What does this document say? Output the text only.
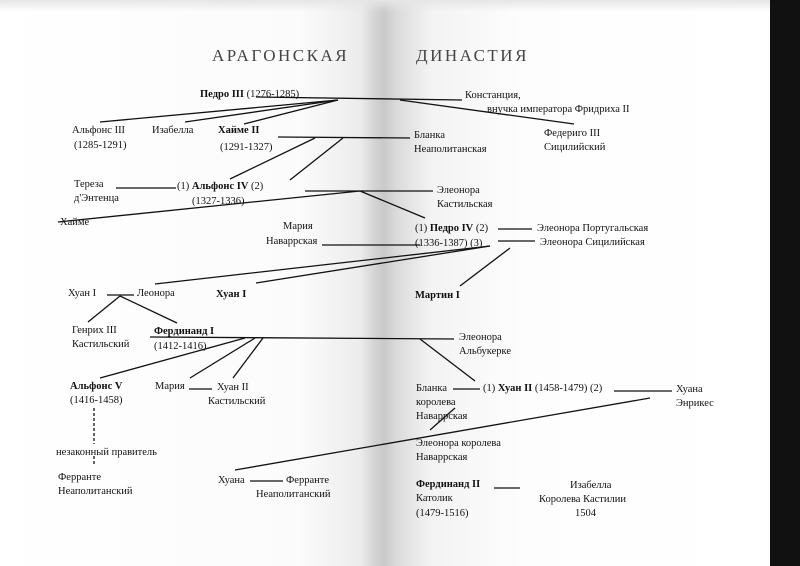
АРАГОНСКАЯ	ДИНАСТИЯ
Педро III (1276-1285)	Констанция,
внучка императора Фридриха II
Альфонс III
(1285-1291)
Изабелла Хайме II
(1291-1327)
Бланка
Неаполитанская
Федериго III
Сицилийский
Тереза
д'Энтенца
(1) Альфонс IV (2)
(1327-1336)
Элеонора
Кастильская
Хайме	Мария
Наваррская
(1) Педро IV (2)
(1336-1387) (3)
Элеонора Португальская
Элеонора Сицилийская
Хуан I	Леонора	Хуан I	Мартин I
Генрих III
Кастильский
Фердинанд I
(1412-1416)
Элеонора
Альбукерке
Альфонс V
(1416-1458)
Мария	Хуан II
Кастильский
Бланка
королева
Наваррская
(1) Хуан II (1458-1479) (2)	Хуана
Энрикес
незаконный правитель
Элеонора королева
Наваррская
Ферранте
Неаполитанский
Хуана	Ферранте
Неаполитанский
Фердинанд II
Католик
(1479-1516)
Изабелла
Королева Кастилии
1504
